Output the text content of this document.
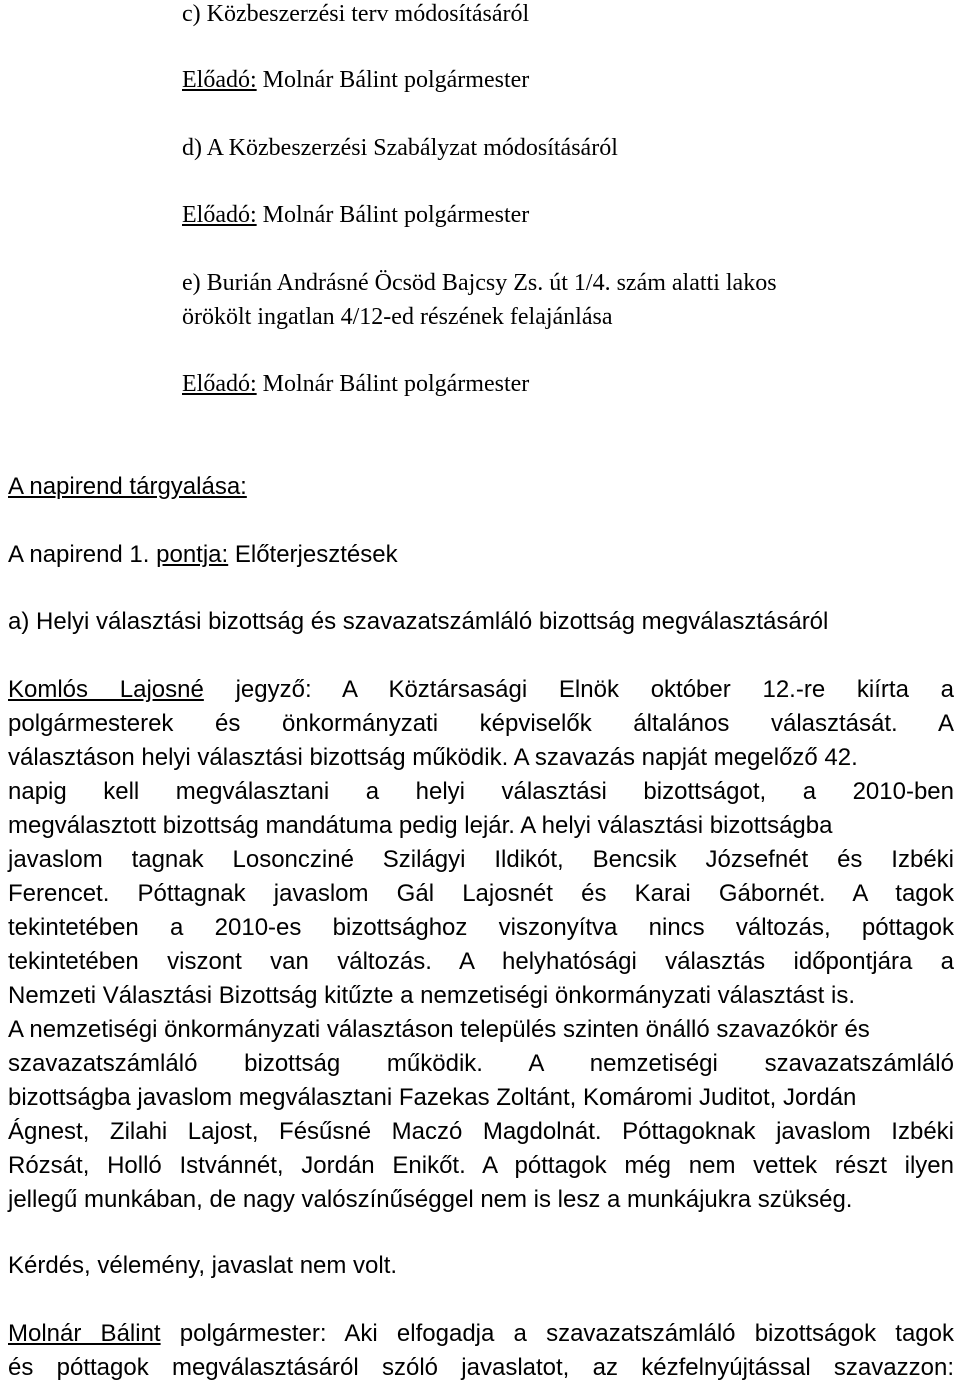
c) Közbeszerzési terv módosításáról
Előadó: Molnár Bálint polgármester
d) A Közbeszerzési Szabályzat módosításáról
Előadó: Molnár Bálint polgármester
e) Burián Andrásné Öcsöd Bajcsy Zs. út 1/4. szám alatti lakos
örökölt ingatlan 4/12-ed részének felajánlása
Előadó: Molnár Bálint polgármester
A napirend tárgyalása:
A napirend 1. pontja: Előterjesztések
a) Helyi választási bizottság és szavazatszámláló bizottság megválasztásáról
Komlós Lajosné jegyző: A Köztársasági Elnök október 12.-re kiírta a
polgármesterek és önkormányzati képviselők általános választását. A
választáson helyi választási bizottság működik. A szavazás napját megelőző 42.
napig kell megválasztani a helyi választási bizottságot, a 2010-ben
megválasztott bizottság mandátuma pedig lejár. A helyi választási bizottságba
javaslom tagnak Losoncziné Szilágyi Ildikót, Bencsik Józsefnét és Izbéki
Ferencet. Póttagnak javaslom Gál Lajosnét és Karai Gábornét. A tagok
tekintetében a 2010-es bizottsághoz viszonyítva nincs változás, póttagok
tekintetében viszont van változás. A helyhatósági választás időpontjára a
Nemzeti Választási Bizottság kitűzte a nemzetiségi önkormányzati választást is.
A nemzetiségi önkormányzati választáson település szinten önálló szavazókör és
szavazatszámláló bizottság működik. A nemzetiségi szavazatszámláló
bizottságba javaslom megválasztani Fazekas Zoltánt, Komáromi Juditot, Jordán
Ágnest, Zilahi Lajost, Fésűsné Maczó Magdolnát. Póttagoknak javaslom Izbéki
Rózsát, Holló Istvánnét, Jordán Enikőt. A póttagok még nem vettek részt ilyen
jellegű munkában, de nagy valószínűséggel nem is lesz a munkájukra szükség.
Kérdés, vélemény, javaslat nem volt.
Molnár Bálint polgármester: Aki elfogadja a szavazatszámláló bizottságok tagok
és póttagok megválasztásáról szóló javaslatot, az kézfelnyújtással szavazzon:
